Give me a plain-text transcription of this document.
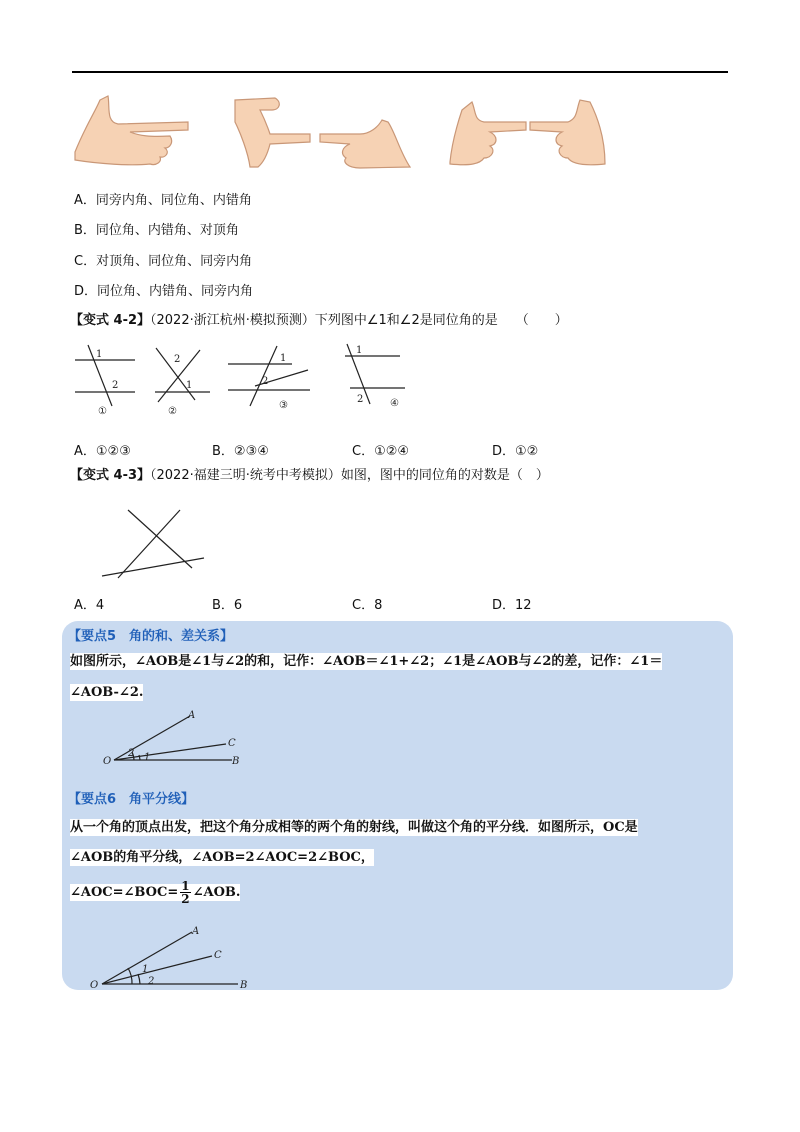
A．同旁内角、同位角、内错角
B．同位角、内错角、对顶角
C．对顶角、同位角、同旁内角
D．同位角、内错角、同旁内角
【变式 4-2】（2022·浙江杭州·模拟预测）下列图中∠1和∠2是同位角的是 （　　）
1
2
①
2
1
②
1
2
③
1
2	④
A．①②③	B．②③④	C．①②④	D．①②
【变式 4-3】（2022·福建三明·统考中考模拟）如图，图中的同位角的对数是（　）
A．4	B．6	C．8	D．12
【要点5　角的和、差关系】
如图所示，∠AOB是∠1与∠2的和，记作：∠AOB＝∠1+∠2；∠1是∠AOB与∠2的差，记作：∠1＝
∠AOB-∠2.
O
A
C
B
2 1
【要点6　角平分线】
从一个角的顶点出发，把这个角分成相等的两个角的射线，叫做这个角的平分线．如图所示，OC是
∠AOB的角平分线，∠AOB=2∠AOC=2∠BOC，
∠AOC=∠BOC= $\frac{1}{2}$ ∠AOB.
O
A
C
B
1
2
